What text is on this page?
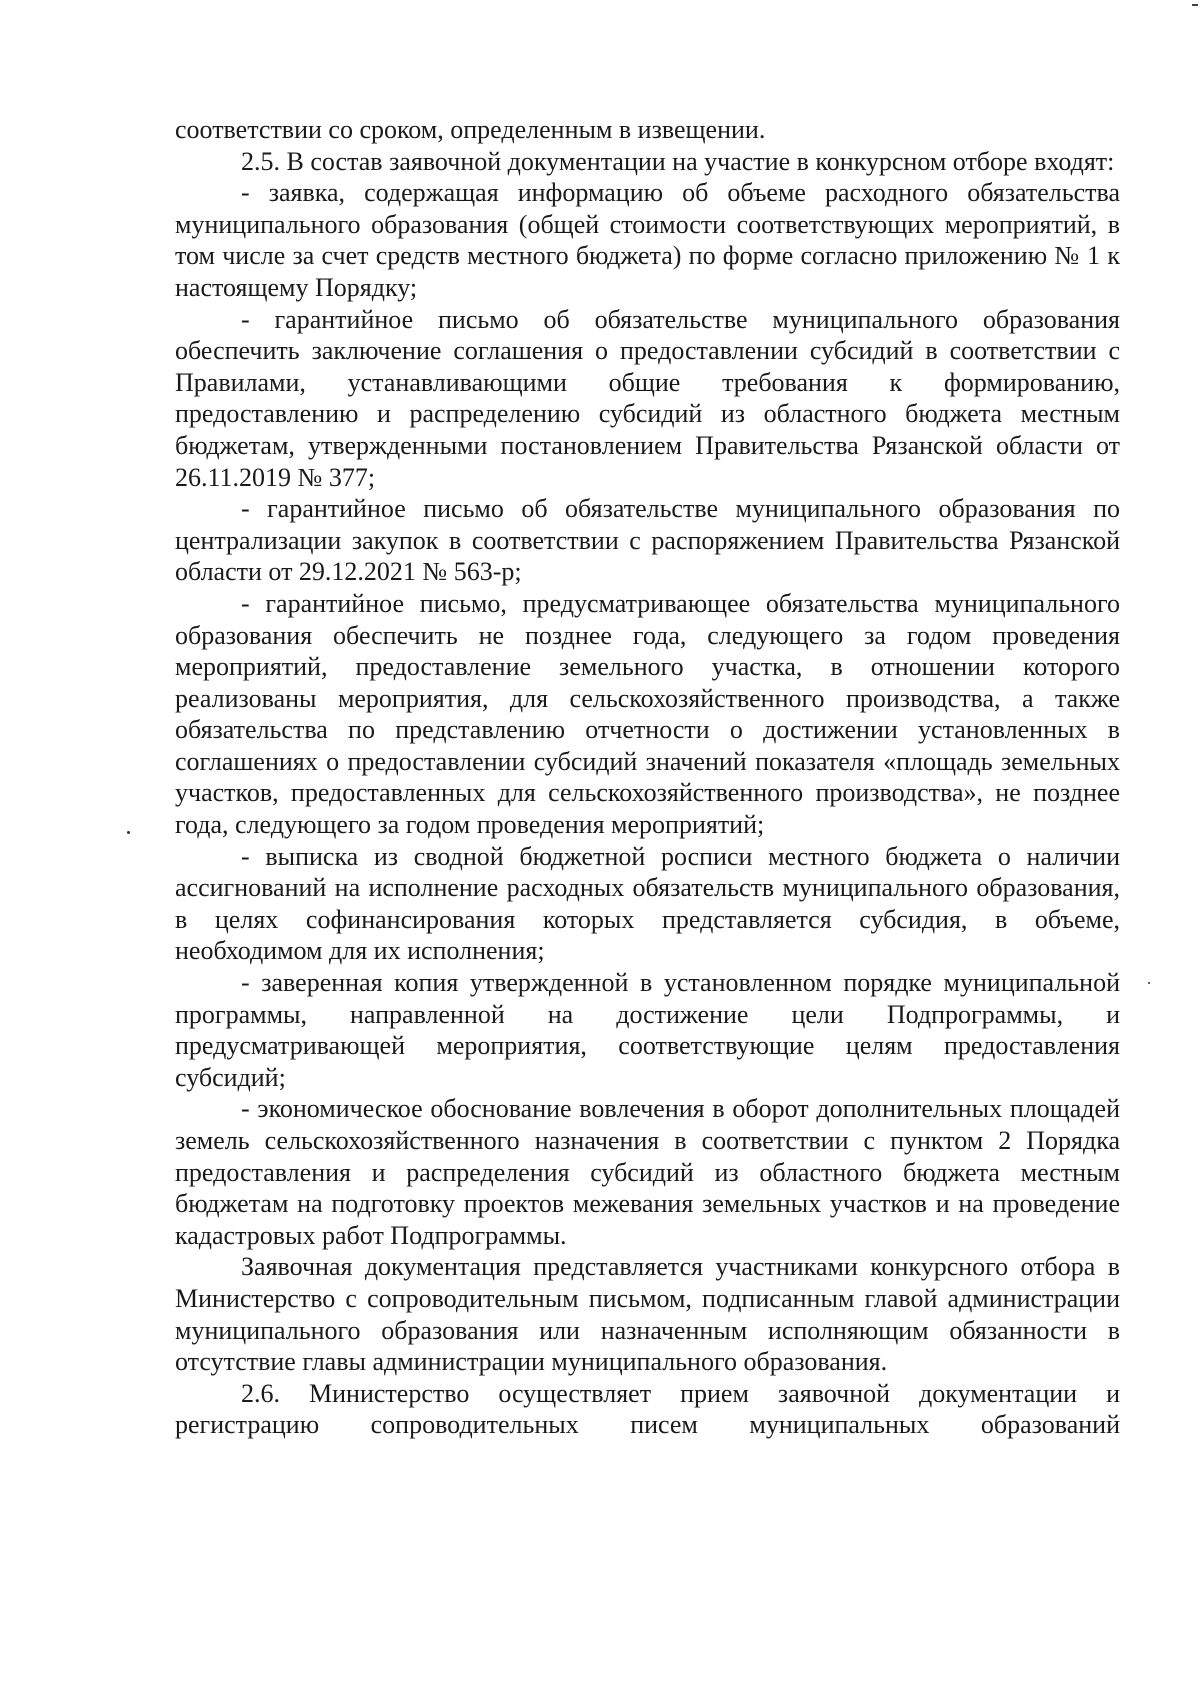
соответствии со сроком, определенным в извещении.

2.5. В состав заявочной документации на участие в конкурсном отборе входят:

- заявка, содержащая информацию об объеме расходного обязательства муниципального образования (общей стоимости соответствующих мероприятий, в том числе за счет средств местного бюджета) по форме согласно приложению № 1 к настоящему Порядку;

- гарантийное письмо об обязательстве муниципального образования обеспечить заключение соглашения о предоставлении субсидий в соответствии с Правилами, устанавливающими общие требования к формированию, предоставлению и распределению субсидий из областного бюджета местным бюджетам, утвержденными постановлением Правительства Рязанской области от 26.11.2019 № 377;

- гарантийное письмо об обязательстве муниципального образования по централизации закупок в соответствии с распоряжением Правительства Рязанской области от 29.12.2021 № 563-р;

- гарантийное письмо, предусматривающее обязательства муниципального образования обеспечить не позднее года, следующего за годом проведения мероприятий, предоставление земельного участка, в отношении которого реализованы мероприятия, для сельскохозяйственного производства, а также обязательства по представлению отчетности о достижении установленных в соглашениях о предоставлении субсидий значений показателя «площадь земельных участков, предоставленных для сельскохозяйственного производства», не позднее года, следующего за годом проведения мероприятий;

- выписка из сводной бюджетной росписи местного бюджета о наличии ассигнований на исполнение расходных обязательств муниципального образования, в целях софинансирования которых представляется субсидия, в объеме, необходимом для их исполнения;

- заверенная копия утвержденной в установленном порядке муниципальной программы, направленной на достижение цели Подпрограммы, и предусматривающей мероприятия, соответствующие целям предоставления субсидий;

- экономическое обоснование вовлечения в оборот дополнительных площадей земель сельскохозяйственного назначения в соответствии с пунктом 2 Порядка предоставления и распределения субсидий из областного бюджета местным бюджетам на подготовку проектов межевания земельных участков и на проведение кадастровых работ Подпрограммы.

Заявочная документация представляется участниками конкурсного отбора в Министерство с сопроводительным письмом, подписанным главой администрации муниципального образования или назначенным исполняющим обязанности в отсутствие главы администрации муниципального образования.

2.6. Министерство осуществляет прием заявочной документации и регистрацию сопроводительных писем муниципальных образований
